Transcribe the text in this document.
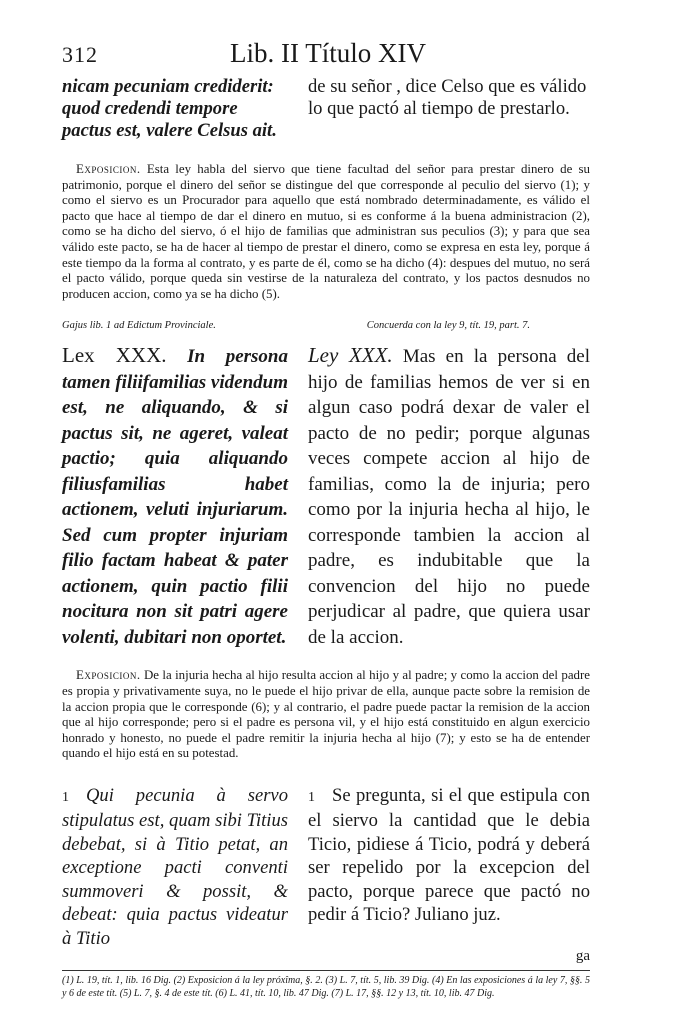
312	Lib. II Título XIV

nicam pecuniam crediderit: quod credendi tempore pactus est, valere Celsus ait.

de su señor , dice Celso que es válido lo que pactó al tiempo de prestarlo.

Exposicion. Esta ley habla del siervo que tiene facultad del señor para prestar dinero de su patrimonio, porque el dinero del señor se distingue del que corresponde al peculio del siervo (1); y como el siervo es un Procurador para aquello que está nombrado determinadamente, es válido el pacto que hace al tiempo de dar el dinero en mutuo, si es conforme á la buena administracion (2), como se ha dicho del siervo, ó el hijo de familias que administran sus peculios (3); y para que sea válido este pacto, se ha de hacer al tiempo de prestar el dinero, como se expresa en esta ley, porque á este tiempo da la forma al contrato, y es parte de él, como se ha dicho (4): despues del mutuo, no será el pacto válido, porque queda sin vestirse de la naturaleza del contrato, y los pactos desnudos no producen accion, como ya se ha dicho (5).
Gajus lib. 1 ad Edictum Provinciale.	Concuerda con la ley 9, tít. 19, part. 7.

Lex XXX. In persona tamen filiifamilias videndum est, ne aliquando, & si pactus sit, ne ageret, valeat pactio; quia aliquando filiusfamilias habet actionem, veluti injuriarum. Sed cum propter injuriam filio factam habeat & pater actionem, quin pactio filii nocitura non sit patri agere volenti, dubitari non oportet.

Ley XXX. Mas en la persona del hijo de familias hemos de ver si en algun caso podrá dexar de valer el pacto de no pedir; porque algunas veces compete accion al hijo de familias, como la de injuria; pero como por la injuria hecha al hijo, le corresponde tambien la accion al padre, es indubitable que la convencion del hijo no puede perjudicar al padre, que quiera usar de la accion.

Exposicion. De la injuria hecha al hijo resulta accion al hijo y al padre; y como la accion del padre es propia y privativamente suya, no le puede el hijo privar de ella, aunque pacte sobre la remision de la accion propia que le corresponde (6); y al contrario, el padre puede pactar la remision de la accion que al hijo corresponde; pero si el padre es persona vil, y el hijo está constituido en algun exercicio honrado y honesto, no puede el padre remitir la injuria hecha al hijo (7); y esto se ha de entender quando el hijo está en su potestad.

1 Qui pecunia à servo stipulatus est, quam sibi Titius debebat, si à Titio petat, an exceptione pacti conventi summoveri & possit, & debeat: quia pactus videatur à Titio

1 Se pregunta, si el que estipula con el siervo la cantidad que le debia Ticio, pidiese á Ticio, podrá y deberá ser repelido por la excepcion del pacto, porque parece que pactó no pedir á Ticio? Juliano juz.

ga
(1) L. 19, tít. 1, lib. 16 Dig. (2) Exposicion á la ley próxîma, §. 2. (3) L. 7, tít. 5, lib. 39 Dig. (4) En las exposiciones á la ley 7, §§. 5 y 6 de este tít. (5) L. 7, §. 4 de este tít. (6) L. 41, tít. 10, lib. 47 Dig. (7) L. 17, §§. 12 y 13, tít. 10, lib. 47 Dig.
